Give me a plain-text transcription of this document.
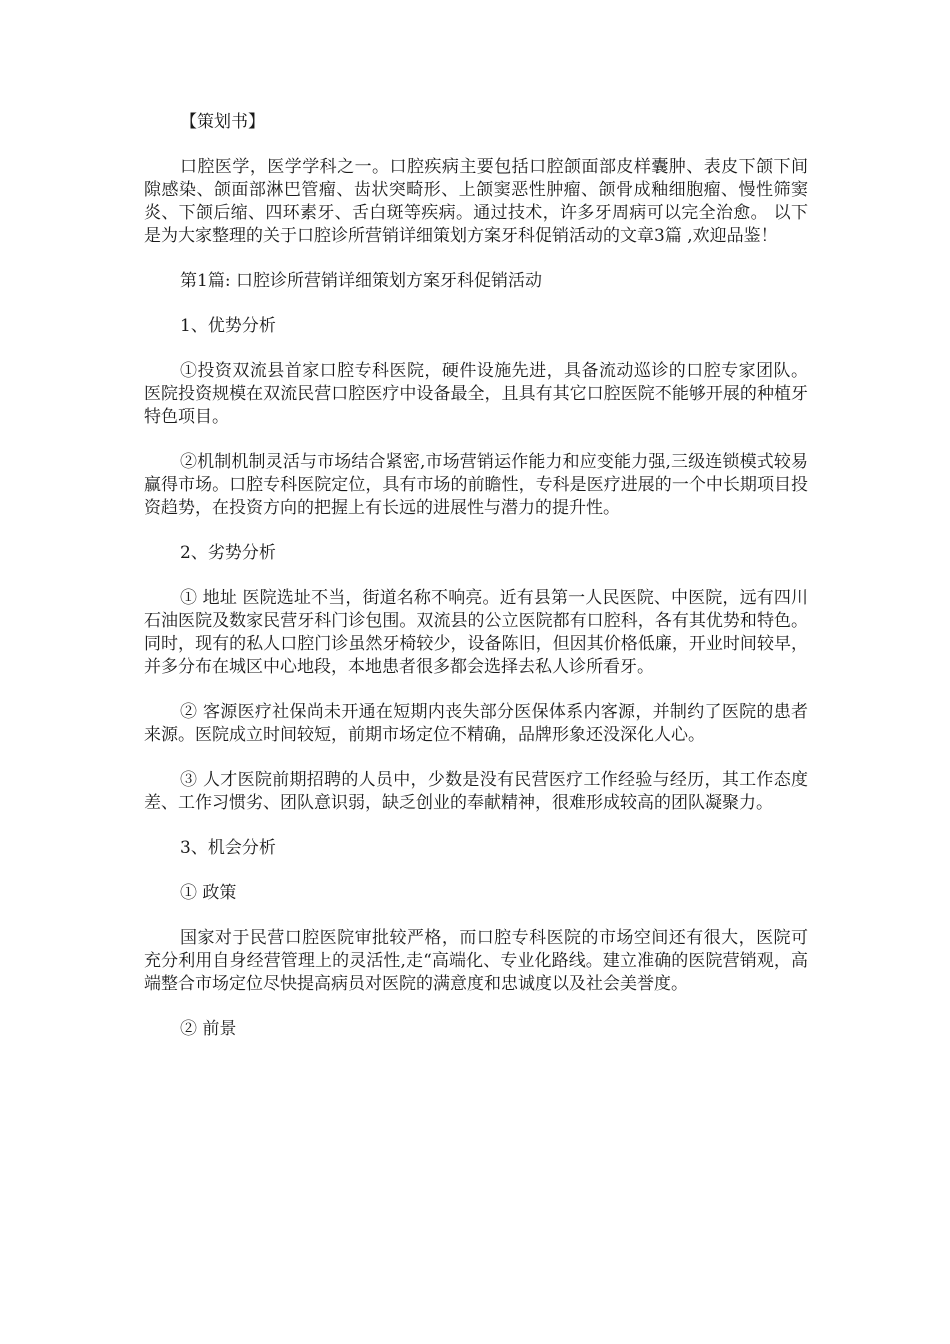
【策划书】

口腔医学，医学学科之一。口腔疾病主要包括口腔颌面部皮样囊肿、表皮下颌下间隙感染、颌面部淋巴管瘤、齿状突畸形、上颌窦恶性肿瘤、颌骨成釉细胞瘤、慢性筛窦炎、下颌后缩、四环素牙、舌白斑等疾病。通过技术，许多牙周病可以完全治愈。 以下是为大家整理的关于口腔诊所营销详细策划方案牙科促销活动的文章3篇 ,欢迎品鉴！

第1篇: 口腔诊所营销详细策划方案牙科促销活动

1、优势分析

①投资双流县首家口腔专科医院，硬件设施先进，具备流动巡诊的口腔专家团队。医院投资规模在双流民营口腔医疗中设备最全，且具有其它口腔医院不能够开展的种植牙特色项目。

②机制机制灵活与市场结合紧密,市场营销运作能力和应变能力强,三级连锁模式较易赢得市场。口腔专科医院定位，具有市场的前瞻性，专科是医疗进展的一个中长期项目投资趋势，在投资方向的把握上有长远的进展性与潜力的提升性。

2、劣势分析

① 地址 医院选址不当，街道名称不响亮。近有县第一人民医院、中医院，远有四川石油医院及数家民营牙科门诊包围。双流县的公立医院都有口腔科，各有其优势和特色。同时，现有的私人口腔门诊虽然牙椅较少，设备陈旧，但因其价格低廉，开业时间较早，并多分布在城区中心地段，本地患者很多都会选择去私人诊所看牙。

② 客源医疗社保尚未开通在短期内丧失部分医保体系内客源，并制约了医院的患者来源。医院成立时间较短，前期市场定位不精确，品牌形象还没深化人心。

③ 人才医院前期招聘的人员中，少数是没有民营医疗工作经验与经历，其工作态度差、工作习惯劣、团队意识弱，缺乏创业的奉献精神，很难形成较高的团队凝聚力。

3、机会分析

① 政策

国家对于民营口腔医院审批较严格，而口腔专科医院的市场空间还有很大，医院可充分利用自身经营管理上的灵活性,走“高端化、专业化路线。建立准确的医院营销观，高端整合市场定位尽快提高病员对医院的满意度和忠诚度以及社会美誉度。

② 前景
